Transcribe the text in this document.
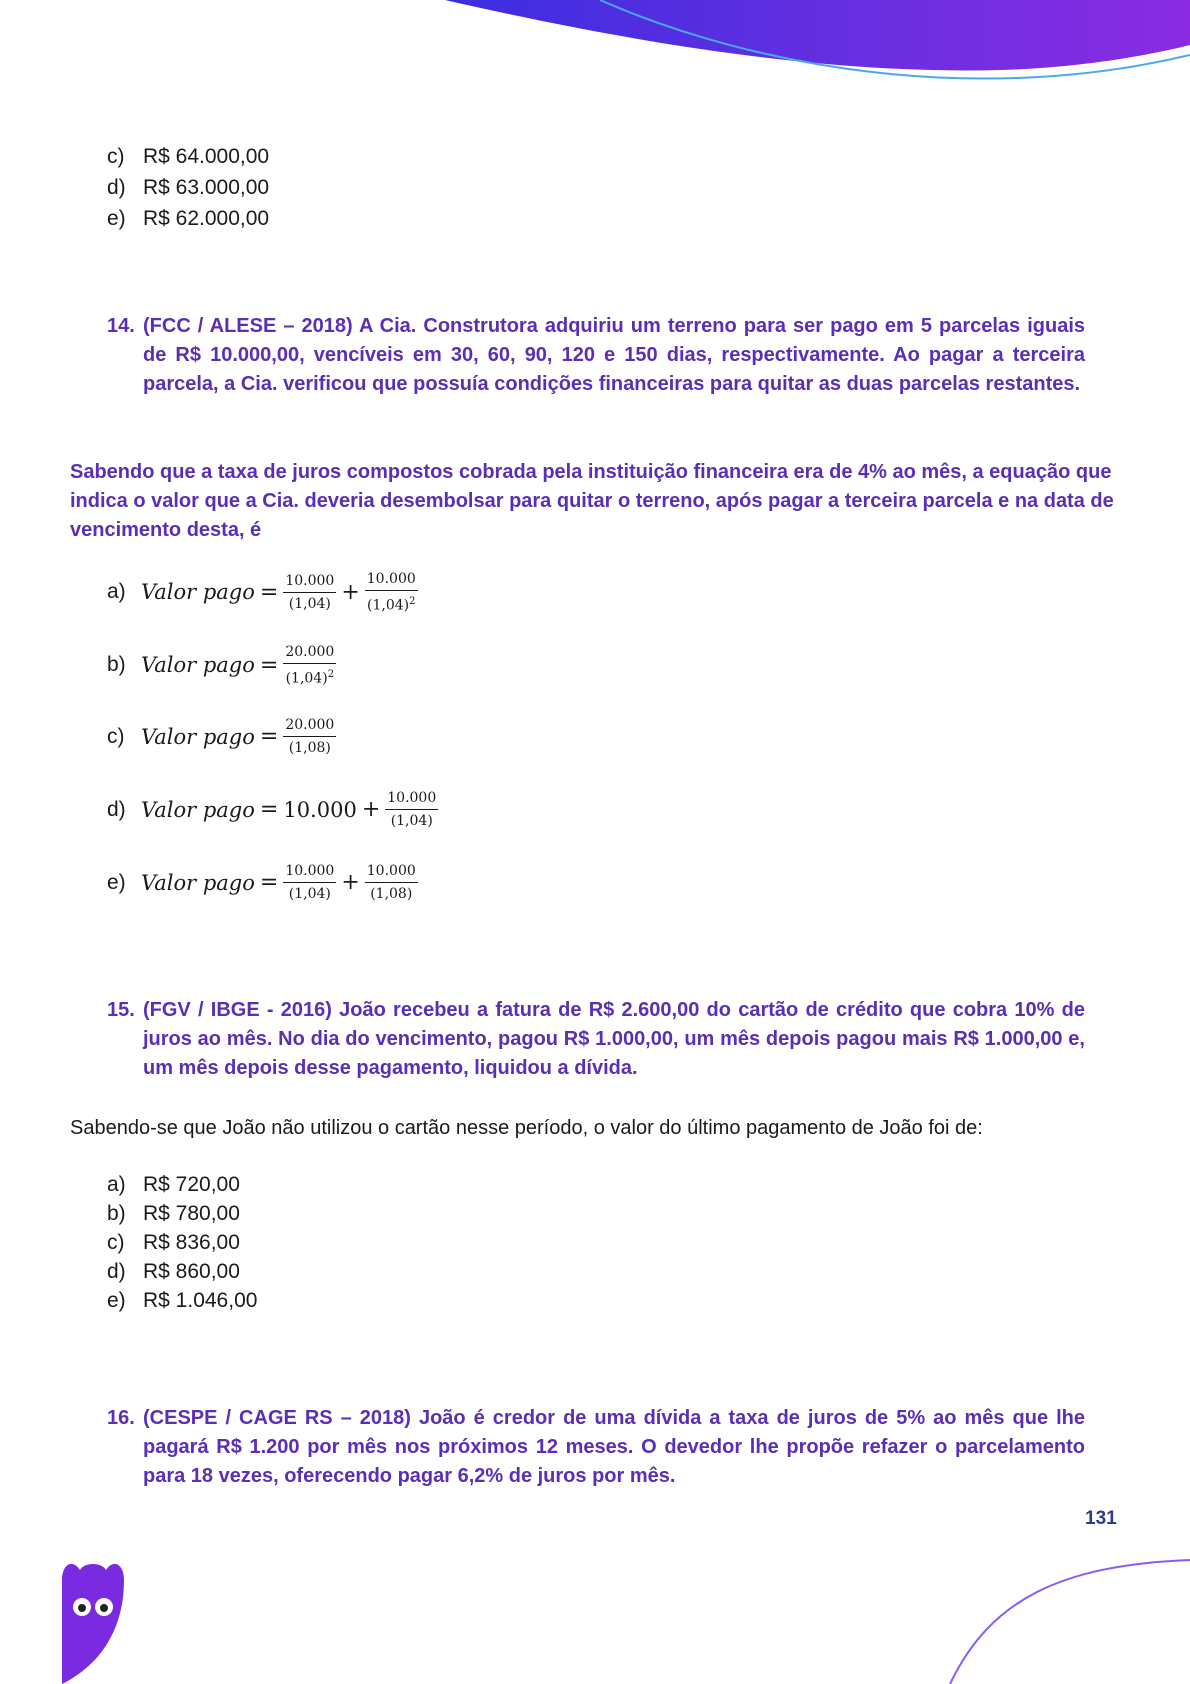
c) R$ 64.000,00
d) R$ 63.000,00
e) R$ 62.000,00
14. (FCC / ALESE – 2018) A Cia. Construtora adquiriu um terreno para ser pago em 5 parcelas iguais de R$ 10.000,00, vencíveis em 30, 60, 90, 120 e 150 dias, respectivamente. Ao pagar a terceira parcela, a Cia. verificou que possuía condições financeiras para quitar as duas parcelas restantes.
Sabendo que a taxa de juros compostos cobrada pela instituição financeira era de 4% ao mês, a equação que indica o valor que a Cia. deveria desembolsar para quitar o terreno, após pagar a terceira parcela e na data de vencimento desta, é
a) Valor pago = $\frac{10.000}{(1,04)} + \frac{10.000}{(1,04)^2}$
b) Valor pago = $\frac{20.000}{(1,04)^2}$
c) Valor pago = $\frac{20.000}{(1,08)}$
d) Valor pago = $10.000 + \frac{10.000}{(1,04)}$
e) Valor pago = $\frac{10.000}{(1,04)} + \frac{10.000}{(1,08)}$
15. (FGV / IBGE - 2016) João recebeu a fatura de R$ 2.600,00 do cartão de crédito que cobra 10% de juros ao mês. No dia do vencimento, pagou R$ 1.000,00, um mês depois pagou mais R$ 1.000,00 e, um mês depois desse pagamento, liquidou a dívida.
Sabendo-se que João não utilizou o cartão nesse período, o valor do último pagamento de João foi de:
a) R$ 720,00
b) R$ 780,00
c) R$ 836,00
d) R$ 860,00
e) R$ 1.046,00
16. (CESPE / CAGE RS – 2018) João é credor de uma dívida a taxa de juros de 5% ao mês que lhe pagará R$ 1.200 por mês nos próximos 12 meses. O devedor lhe propõe refazer o parcelamento para 18 vezes, oferecendo pagar 6,2% de juros por mês.
131
